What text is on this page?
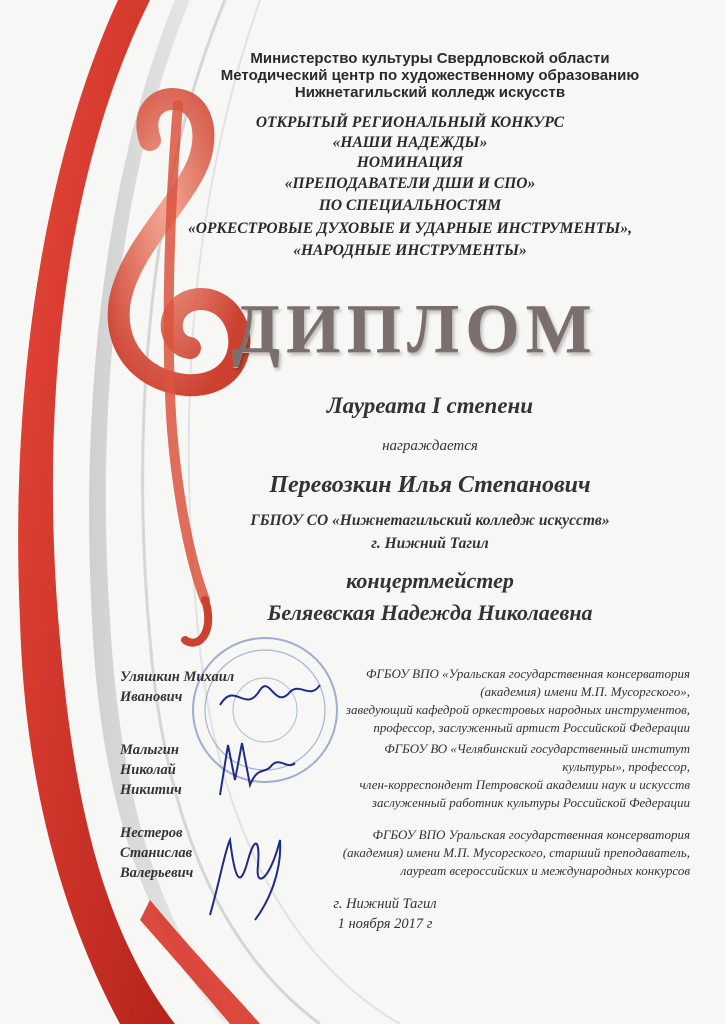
Министерство культуры Свердловской области
Методический центр по художественному образованию
Нижнетагильский колледж искусств
ОТКРЫТЫЙ РЕГИОНАЛЬНЫЙ КОНКУРС
«НАШИ НАДЕЖДЫ»
НОМИНАЦИЯ
«ПРЕПОДАВАТЕЛИ ДШИ И СПО»
ПО СПЕЦИАЛЬНОСТЯМ
«ОРКЕСТРОВЫЕ ДУХОВЫЕ И УДАРНЫЕ ИНСТРУМЕНТЫ»,
«НАРОДНЫЕ ИНСТРУМЕНТЫ»
ДИПЛОМ
Лауреата I степени
награждается
Перевозкин Илья Степанович
ГБПОУ СО «Нижнетагильский колледж искусств»
г. Нижний Тагил
концертмейстер
Беляевская Надежда Николаевна
Уляшкин Михаил
Иванович
ФГБОУ ВПО «Уральская государственная консерватория
(академия) имени М.П. Мусоргского»,
заведующий кафедрой оркестровых народных инструментов,
профессор, заслуженный артист Российской Федерации
Малыгин
Николай
Никитич
ФГБОУ ВО «Челябинский государственный институт
культуры», профессор,
член-корреспондент Петровской академии наук и искусств
заслуженный работник культуры Российской Федерации
Нестеров
Станислав
Валерьевич
ФГБОУ ВПО Уральская государственная консерватория
(академия) имени М.П. Мусоргского, старший преподаватель,
лауреат всероссийских и международных конкурсов
г. Нижний Тагил
1 ноября 2017 г
